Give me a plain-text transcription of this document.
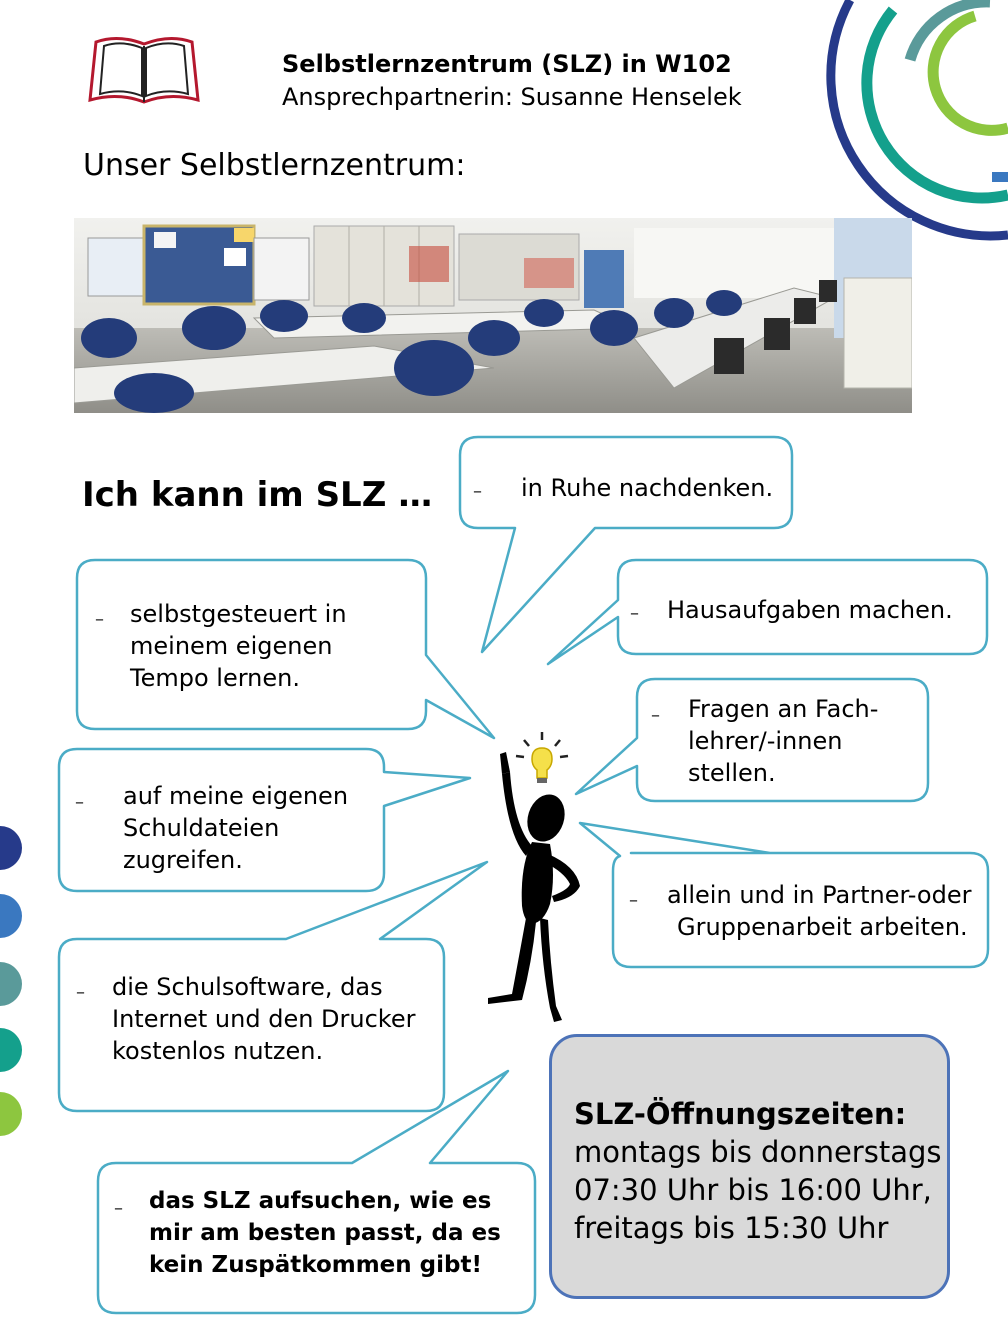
Selbstlernzentrum (SLZ) in W102
Ansprechpartnerin: Susanne Henselek
Unser Selbstlernzentrum:
Ich kann im SLZ … – in Ruhe nachdenken.
– selbstgesteuert in
meinem eigenen
Tempo lernen.
– Hausaufgaben machen.
– Fragen an Fach-
lehrer/-innen
stellen.
– auf meine eigenen
Schuldateien
zugreifen.
– allein und in Partner-oder
Gruppenarbeit arbeiten.
– die Schulsoftware, das
Internet und den Drucker
kostenlos nutzen.
– das SLZ aufsuchen, wie es
mir am besten passt, da es
kein Zuspätkommen gibt!
SLZ-Öffnungszeiten:
montags bis donnerstags
07:30 Uhr bis 16:00 Uhr,
freitags bis 15:30 Uhr
